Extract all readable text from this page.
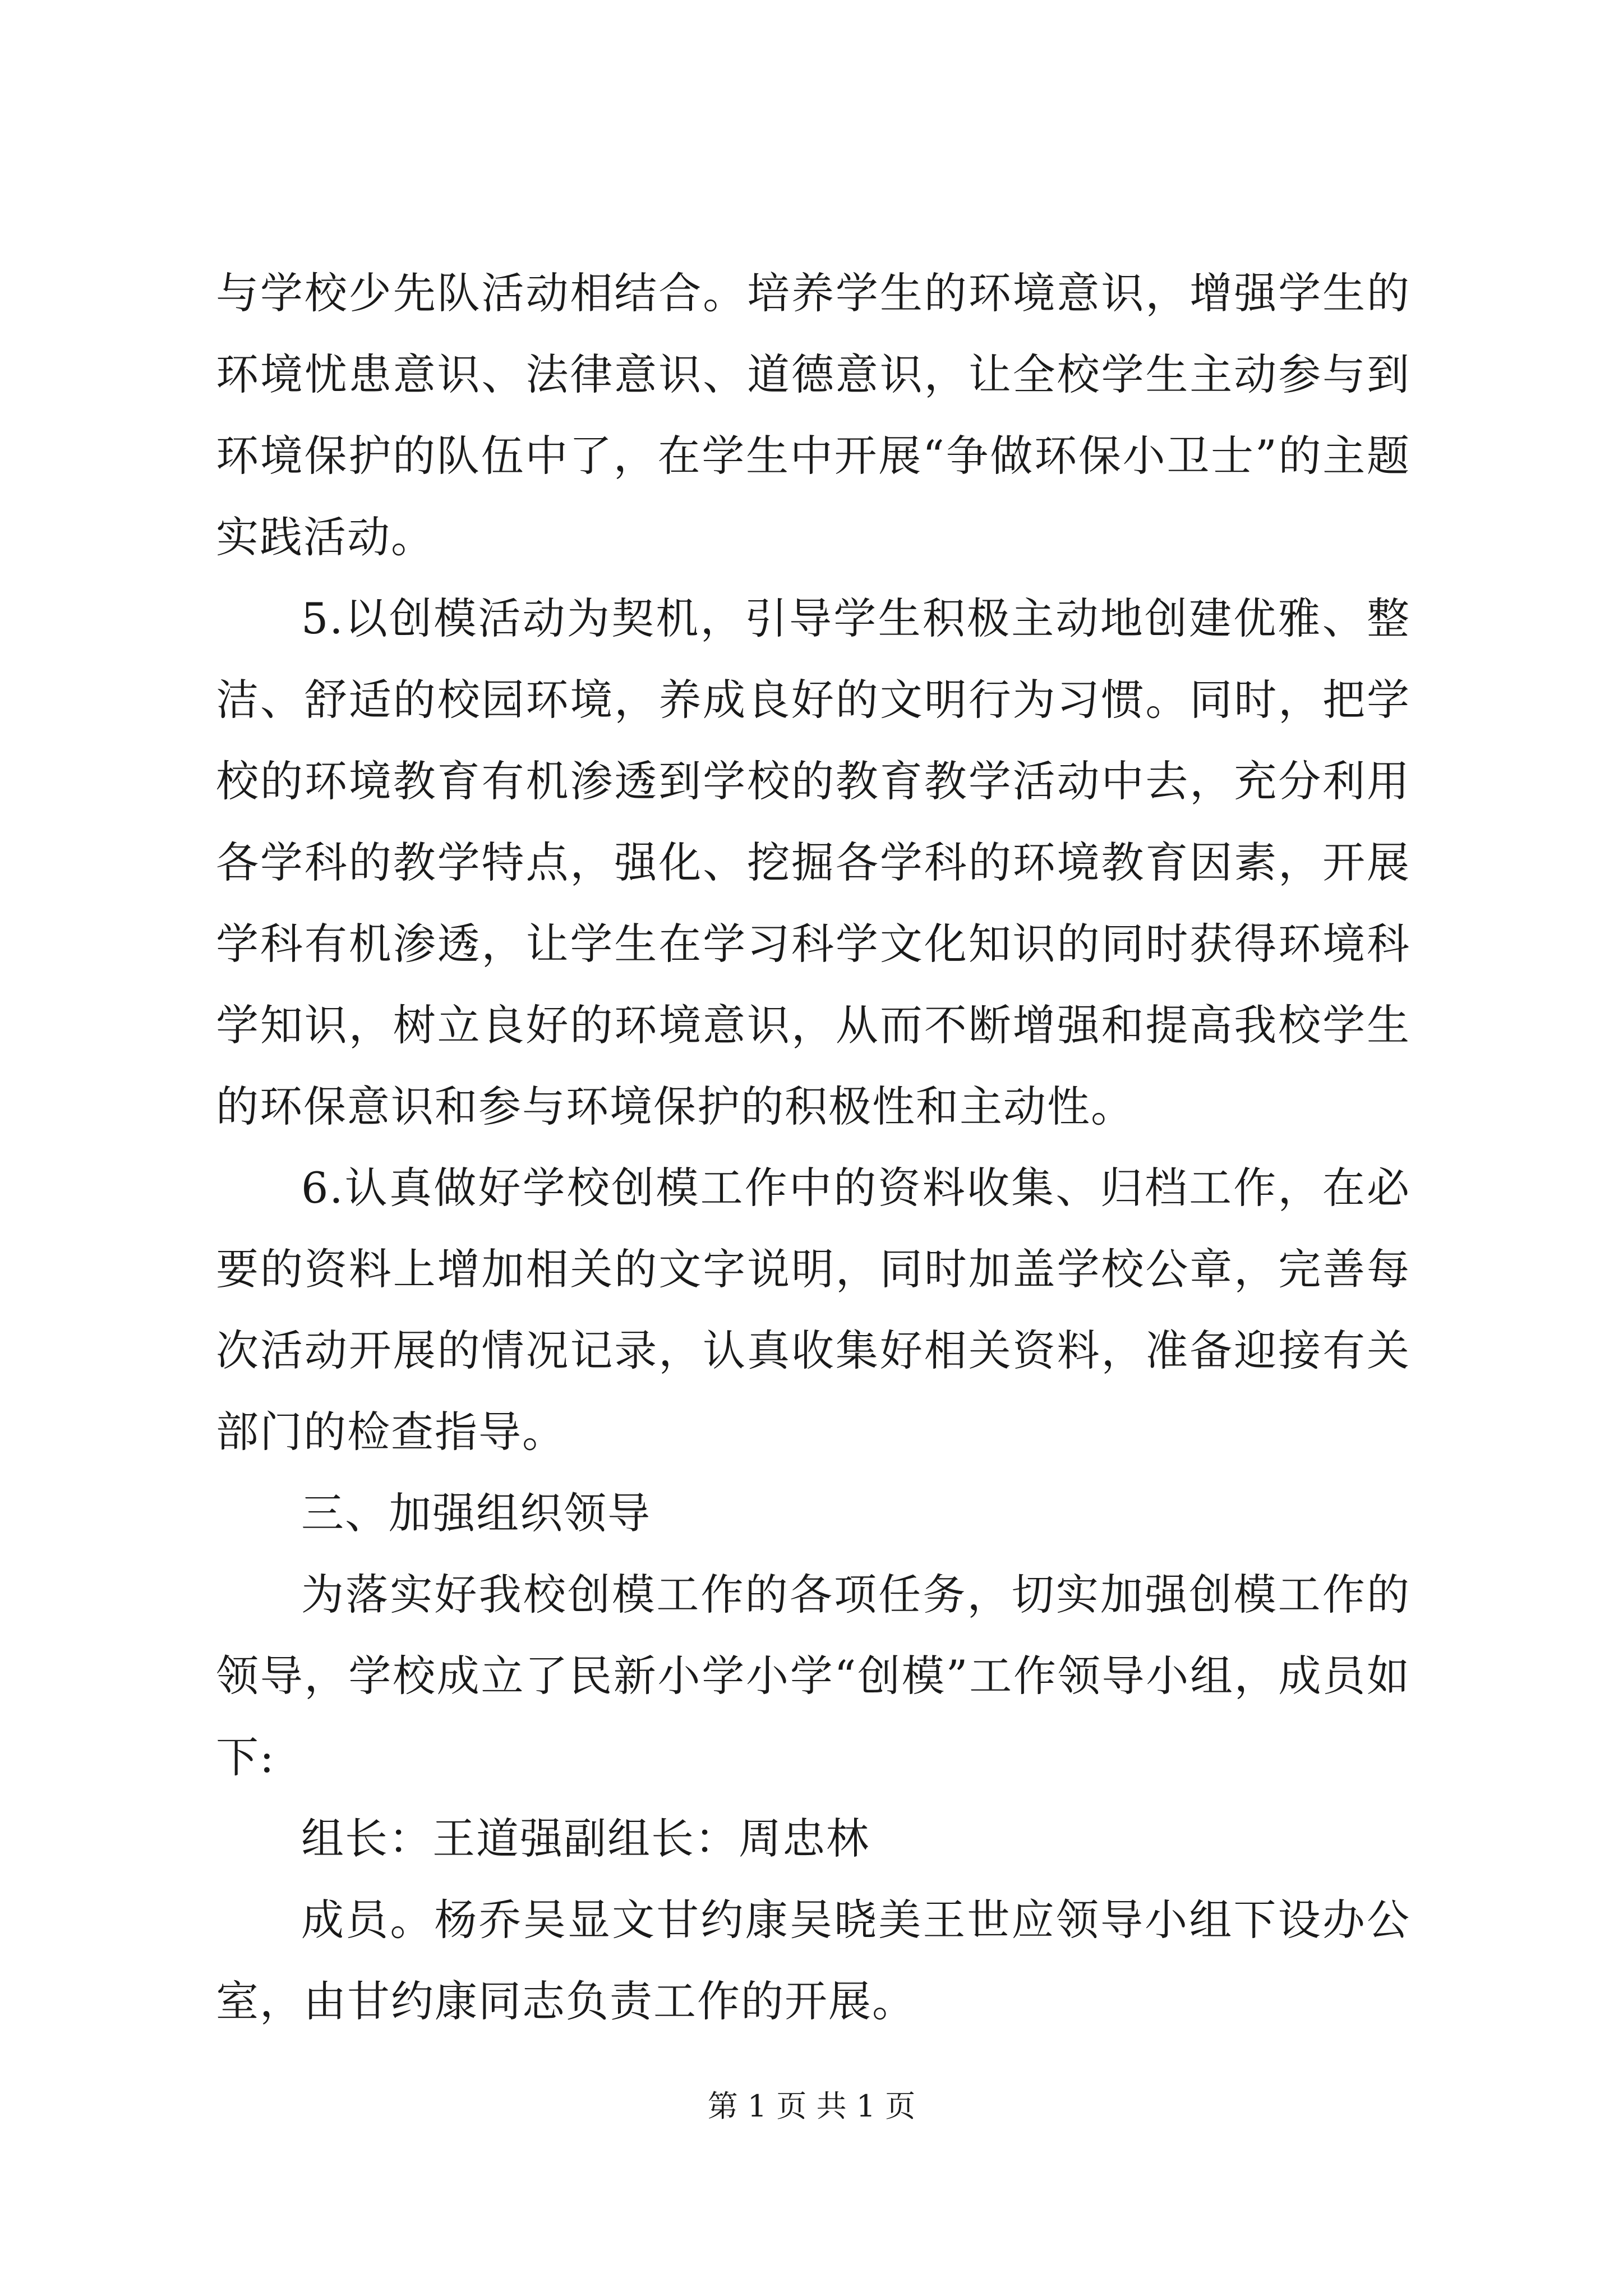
与学校少先队活动相结合。培养学生的环境意识，增强学生的环境忧患意识、法律意识、道德意识，让全校学生主动参与到环境保护的队伍中了，在学生中开展“争做环保小卫士”的主题实践活动。

5.以创模活动为契机，引导学生积极主动地创建优雅、整洁、舒适的校园环境，养成良好的文明行为习惯。同时，把学校的环境教育有机渗透到学校的教育教学活动中去，充分利用各学科的教学特点，强化、挖掘各学科的环境教育因素，开展学科有机渗透，让学生在学习科学文化知识的同时获得环境科学知识，树立良好的环境意识，从而不断增强和提高我校学生的环保意识和参与环境保护的积极性和主动性。

6.认真做好学校创模工作中的资料收集、归档工作，在必要的资料上增加相关的文字说明，同时加盖学校公章，完善每次活动开展的情况记录，认真收集好相关资料，准备迎接有关部门的检查指导。

三、加强组织领导

为落实好我校创模工作的各项任务，切实加强创模工作的领导，学校成立了民新小学小学“创模”工作领导小组，成员如下:

组长：王道强副组长：周忠林

成员。杨乔吴显文甘约康吴晓美王世应领导小组下设办公室，由甘约康同志负责工作的开展。

第 1 页 共 1 页
